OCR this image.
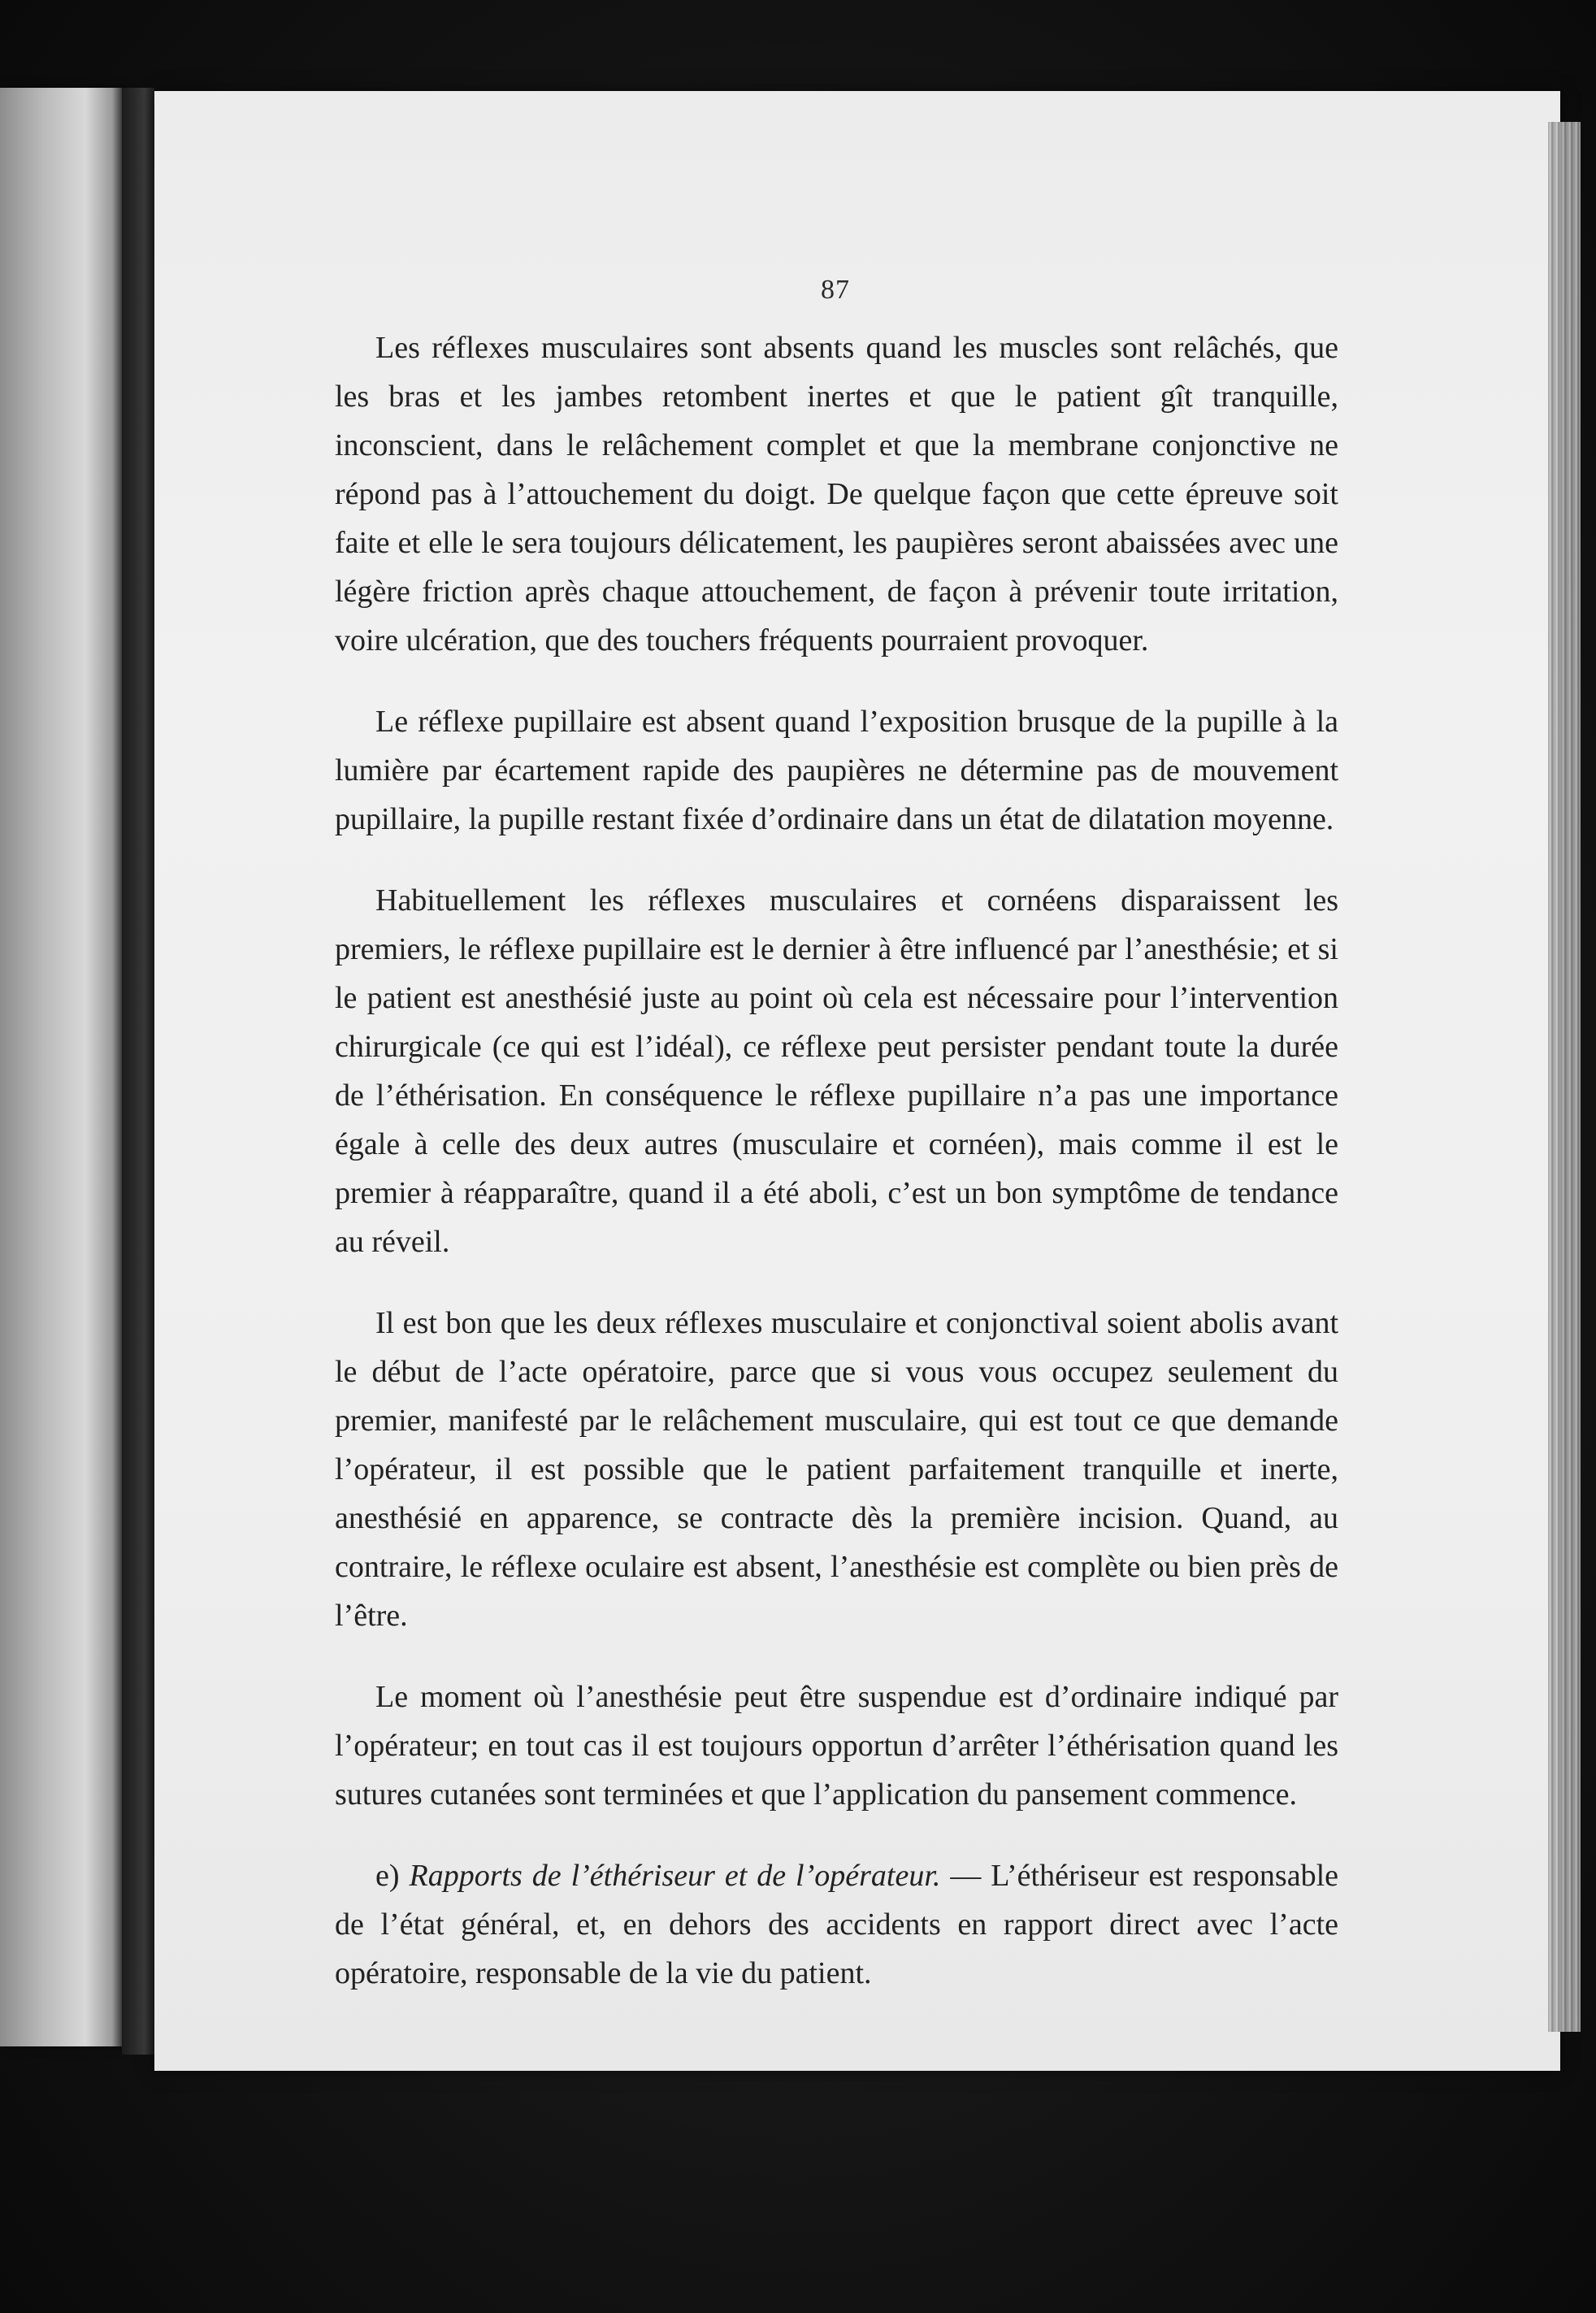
87

Les réflexes musculaires sont absents quand les muscles sont relâchés, que les bras et les jambes retombent inertes et que le patient gît tranquille, inconscient, dans le relâchement complet et que la membrane conjonctive ne répond pas à l’attouchement du doigt. De quelque façon que cette épreuve soit faite et elle le sera toujours délicatement, les paupières seront abaissées avec une légère friction après chaque attouchement, de façon à prévenir toute irritation, voire ulcération, que des touchers fréquents pourraient provoquer.

Le réflexe pupillaire est absent quand l’exposition brusque de la pupille à la lumière par écartement rapide des paupières ne détermine pas de mouvement pupillaire, la pupille restant fixée d’ordinaire dans un état de dilatation moyenne.

Habituellement les réflexes musculaires et cornéens disparaissent les premiers, le réflexe pupillaire est le dernier à être influencé par l’anesthésie; et si le patient est anesthésié juste au point où cela est nécessaire pour l’intervention chirurgicale (ce qui est l’idéal), ce réflexe peut persister pendant toute la durée de l’éthérisation. En conséquence le réflexe pupillaire n’a pas une importance égale à celle des deux autres (musculaire et cornéen), mais comme il est le premier à réapparaître, quand il a été aboli, c’est un bon symptôme de tendance au réveil.

Il est bon que les deux réflexes musculaire et conjonctival soient abolis avant le début de l’acte opératoire, parce que si vous vous occupez seulement du premier, manifesté par le relâchement musculaire, qui est tout ce que demande l’opérateur, il est possible que le patient parfaitement tranquille et inerte, anesthésié en apparence, se contracte dès la première incision. Quand, au contraire, le réflexe oculaire est absent, l’anesthésie est complète ou bien près de l’être.

Le moment où l’anesthésie peut être suspendue est d’ordinaire indiqué par l’opérateur; en tout cas il est toujours opportun d’arrêter l’éthérisation quand les sutures cutanées sont terminées et que l’application du pansement commence.

e) Rapports de l’éthériseur et de l’opérateur. — L’éthériseur est responsable de l’état général, et, en dehors des accidents en rapport direct avec l’acte opératoire, responsable de la vie du patient.
